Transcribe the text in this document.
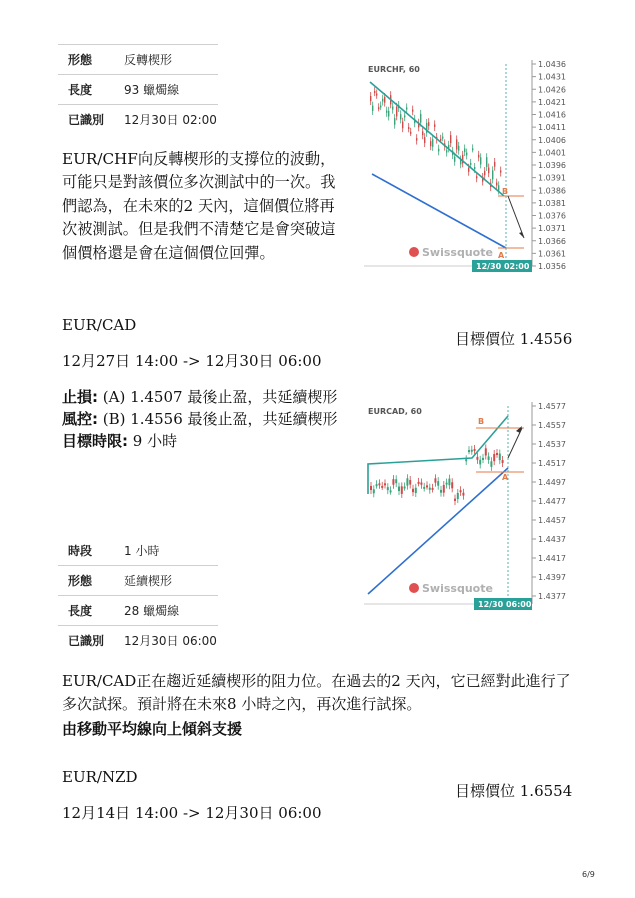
形態	反轉楔形
長度	93 蠟燭線
已識別	12月30日 02:00
EUR/CHF向反轉楔形的支撐位的波動，可能只是對該價位多次測試中的一次。我們認為，在未來的2 天內，這個價位將再次被測試。但是我們不清楚它是會突破這個價格還是會在這個價位回彈。
EURCHF, 60
B
A
1.0436
1.0431
1.0426
1.0421
1.0416
1.0411
1.0406
1.0401
1.0396
1.0391
1.0386
1.0381
1.0376
1.0371
1.0366
1.0361
1.0356
Swissquote
12/30 02:00
EUR/CAD
目標價位 1.4556
12月27日 14:00 -> 12月30日 06:00
止損: (A) 1.4507 最後止盈，共延續楔形
風控: (B) 1.4556 最後止盈，共延續楔形
目標時限: 9 小時
EURCAD, 60
B
A
1.4577
1.4557
1.4537
1.4517
1.4497
1.4477
1.4457
1.4437
1.4417
1.4397
1.4377
Swissquote
12/30 06:00
時段	1 小時
形態	延續楔形
長度	28 蠟燭線
已識別	12月30日 06:00
EUR/CAD正在趨近延續楔形的阻力位。在過去的2 天內，它已經對此進行了多次試探。預計將在未來8 小時之內，再次進行試探。
由移動平均線向上傾斜支援
EUR/NZD
目標價位 1.6554
12月14日 14:00 -> 12月30日 06:00
6/9
